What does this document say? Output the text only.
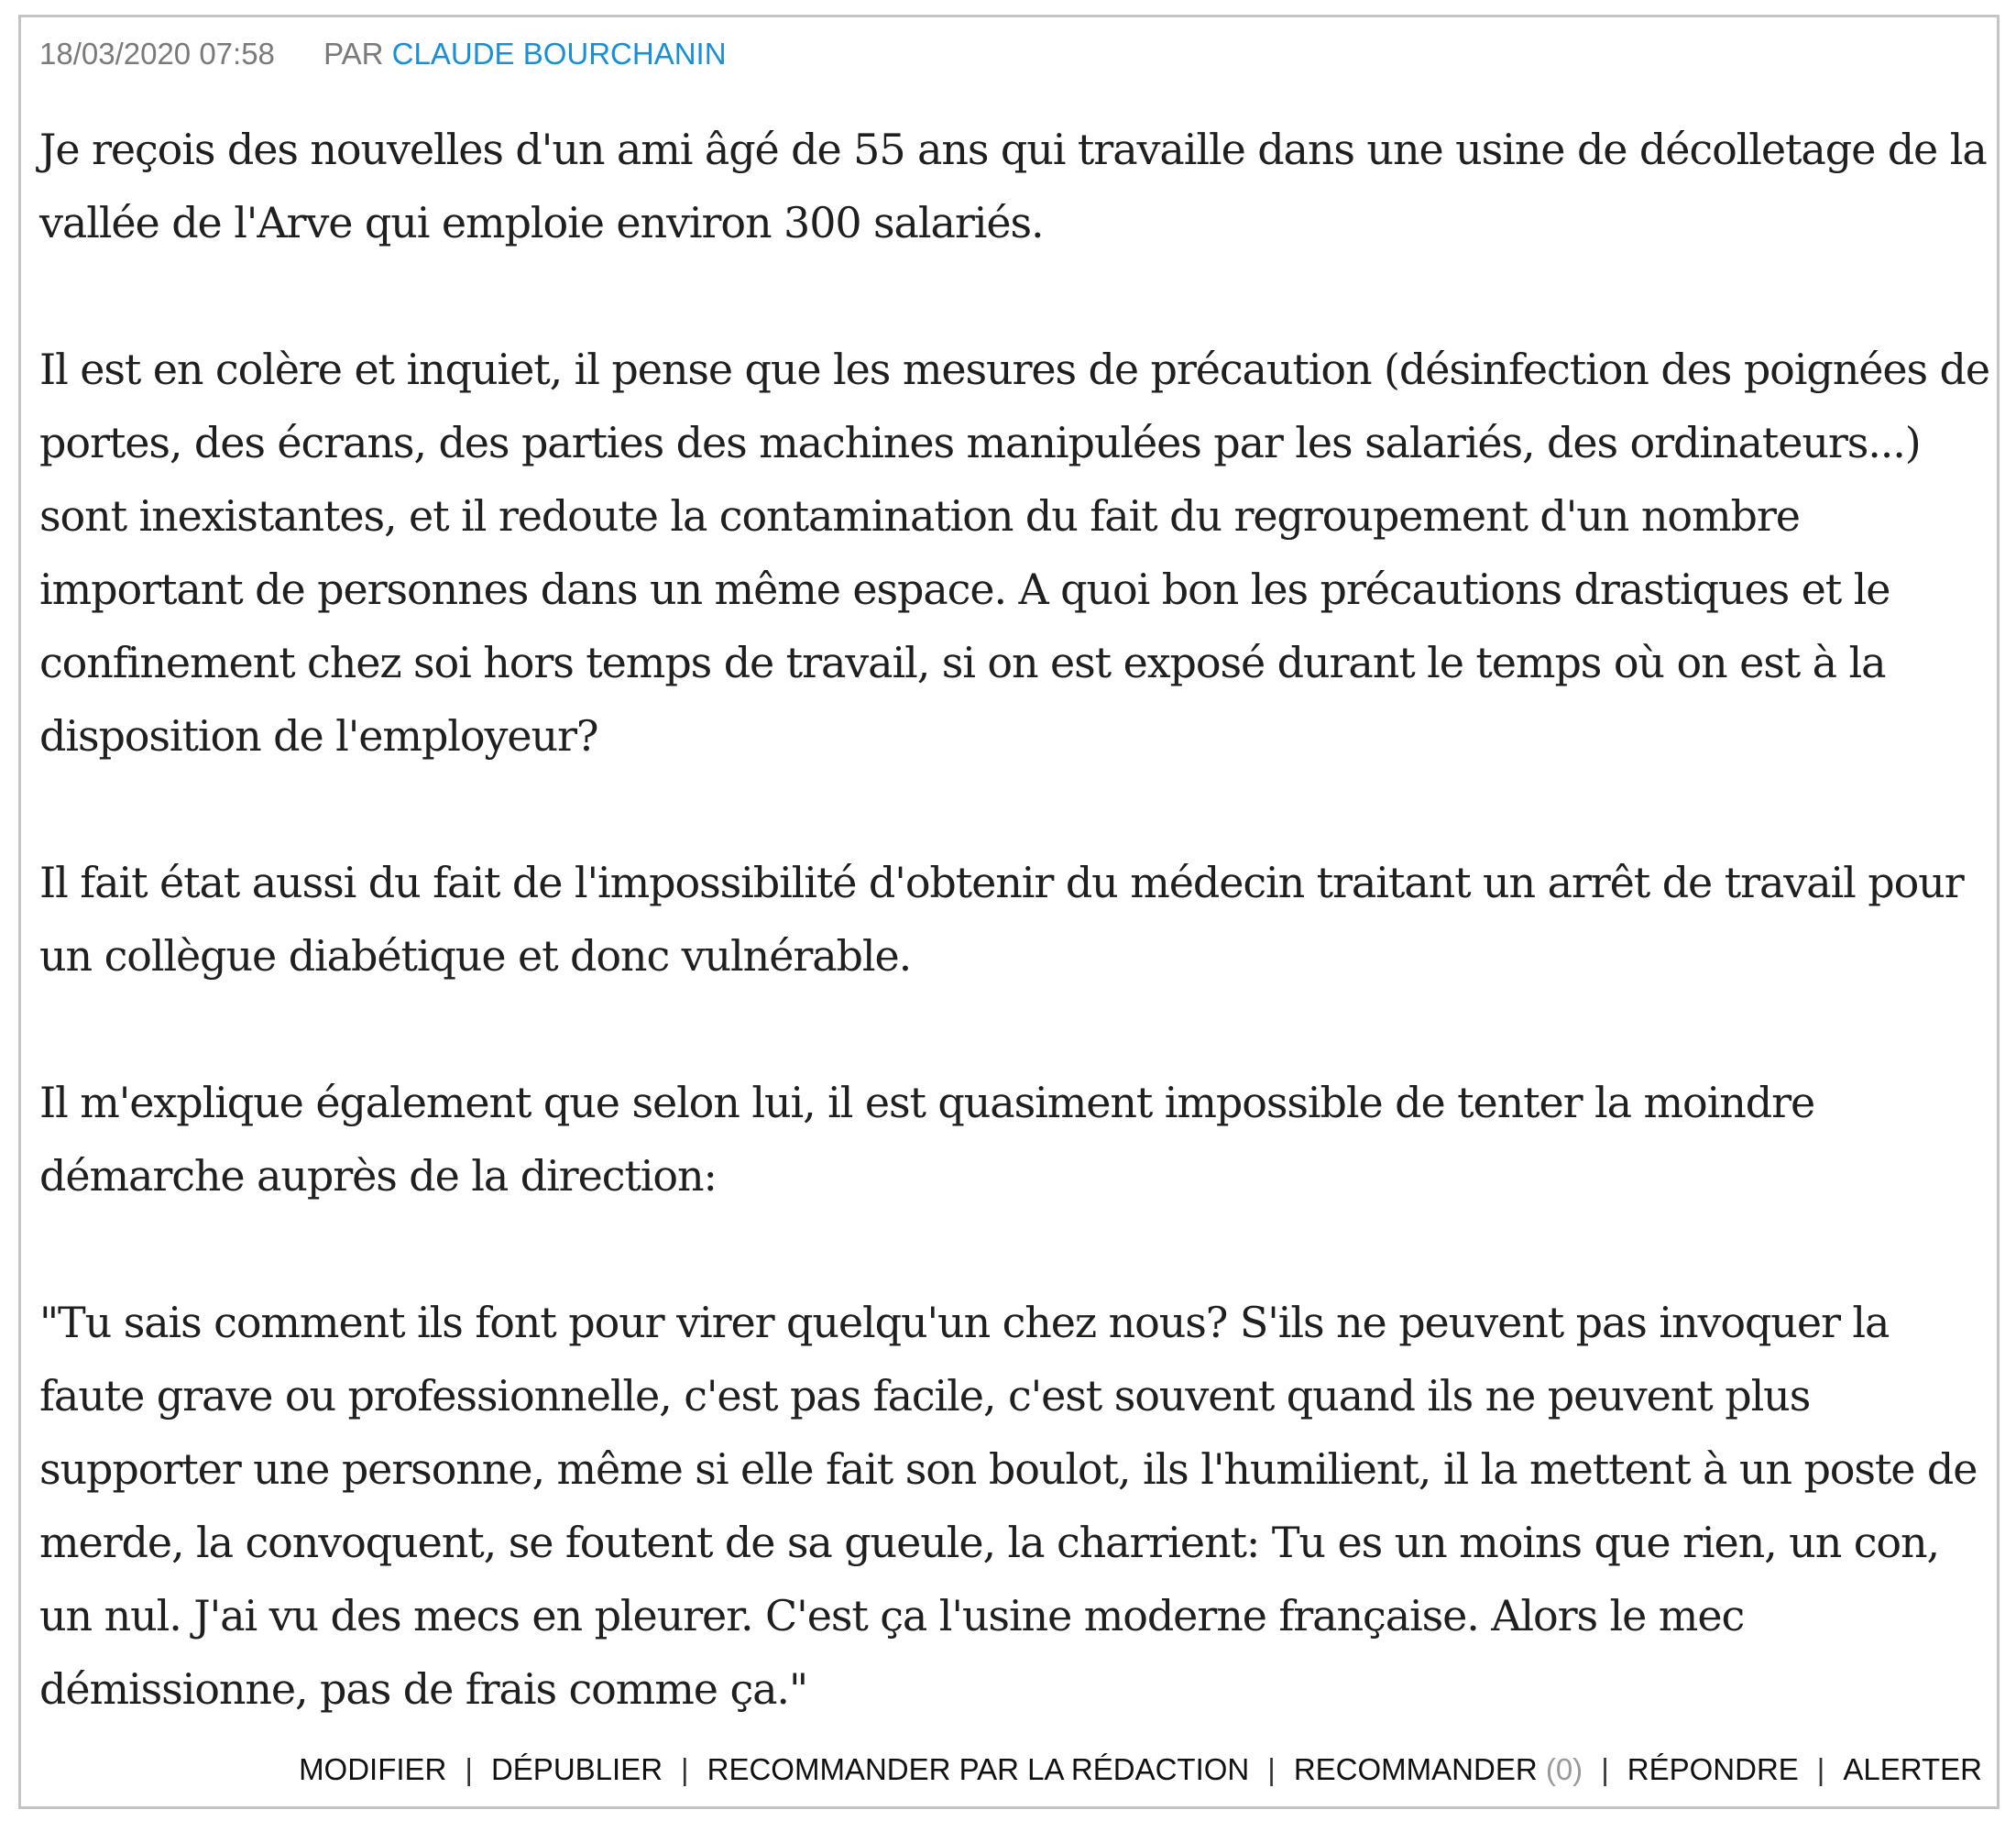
18/03/2020 07:58 PAR CLAUDE BOURCHANIN

Je reçois des nouvelles d'un ami âgé de 55 ans qui travaille dans une usine de décolletage de la vallée de l'Arve qui emploie environ 300 salariés.

Il est en colère et inquiet, il pense que les mesures de précaution (désinfection des poignées de portes, des écrans, des parties des machines manipulées par les salariés, des ordinateurs...) sont inexistantes, et il redoute la contamination du fait du regroupement d'un nombre important de personnes dans un même espace. A quoi bon les précautions drastiques et le confinement chez soi hors temps de travail, si on est exposé durant le temps où on est à la disposition de l'employeur?

Il fait état aussi du fait de l'impossibilité d'obtenir du médecin traitant un arrêt de travail pour un collègue diabétique et donc vulnérable.

Il m'explique également que selon lui, il est quasiment impossible de tenter la moindre démarche auprès de la direction:

"Tu sais comment ils font pour virer quelqu'un chez nous? S'ils ne peuvent pas invoquer la faute grave ou professionnelle, c'est pas facile, c'est souvent quand ils ne peuvent plus supporter une personne, même si elle fait son boulot, ils l'humilient, il la mettent à un poste de merde, la convoquent, se foutent de sa gueule, la charrient: Tu es un moins que rien, un con, un nul. J'ai vu des mecs en pleurer. C'est ça l'usine moderne française. Alors le mec démissionne, pas de frais comme ça."

MODIFIER | DÉPUBLIER | RECOMMANDER PAR LA RÉDACTION | RECOMMANDER (0) | RÉPONDRE | ALERTER
